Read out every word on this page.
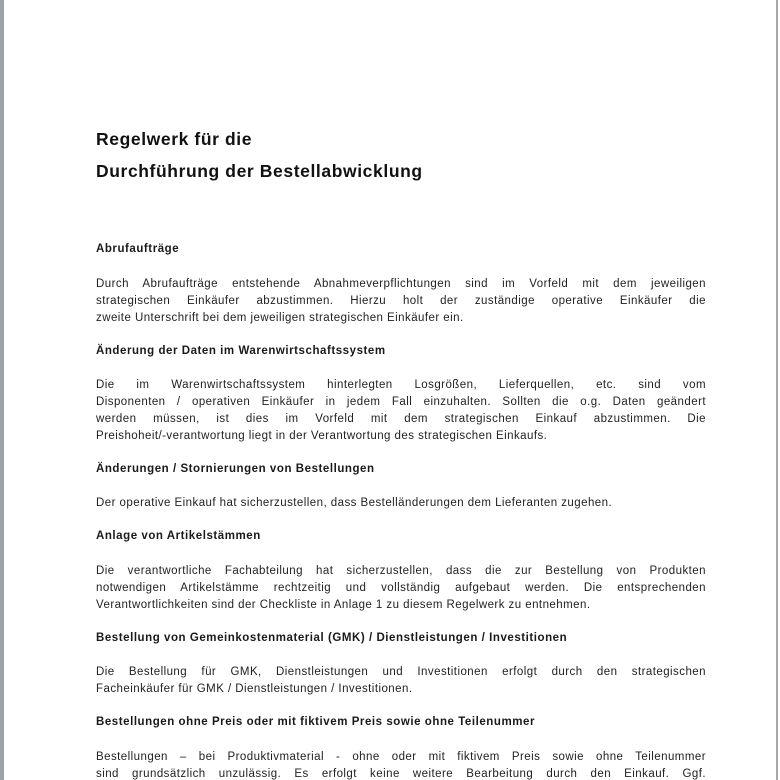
Regelwerk für die
Durchführung der Bestellabwicklung
Abrufaufträge

Durch Abrufaufträge entstehende Abnahmeverpflichtungen sind im Vorfeld mit dem jeweiligen
strategischen Einkäufer abzustimmen. Hierzu holt der zuständige operative Einkäufer die
zweite Unterschrift bei dem jeweiligen strategischen Einkäufer ein.

Änderung der Daten im Warenwirtschaftssystem

Die im Warenwirtschaftssystem hinterlegten Losgrößen, Lieferquellen, etc. sind vom
Disponenten / operativen Einkäufer in jedem Fall einzuhalten. Sollten die o.g. Daten geändert
werden müssen, ist dies im Vorfeld mit dem strategischen Einkauf abzustimmen. Die
Preishoheit/-verantwortung liegt in der Verantwortung des strategischen Einkaufs.

Änderungen / Stornierungen von Bestellungen

Der operative Einkauf hat sicherzustellen, dass Bestelländerungen dem Lieferanten zugehen.

Anlage von Artikelstämmen

Die verantwortliche Fachabteilung hat sicherzustellen, dass die zur Bestellung von Produkten
notwendigen Artikelstämme rechtzeitig und vollständig aufgebaut werden. Die entsprechenden
Verantwortlichkeiten sind der Checkliste in Anlage 1 zu diesem Regelwerk zu entnehmen.

Bestellung von Gemeinkostenmaterial (GMK) / Dienstleistungen / Investitionen

Die Bestellung für GMK, Dienstleistungen und Investitionen erfolgt durch den strategischen
Facheinkäufer für GMK / Dienstleistungen / Investitionen.

Bestellungen ohne Preis oder mit fiktivem Preis sowie ohne Teilenummer

Bestellungen – bei Produktivmaterial - ohne oder mit fiktivem Preis sowie ohne Teilenummer
sind grundsätzlich unzulässig. Es erfolgt keine weitere Bearbeitung durch den Einkauf. Ggf.
